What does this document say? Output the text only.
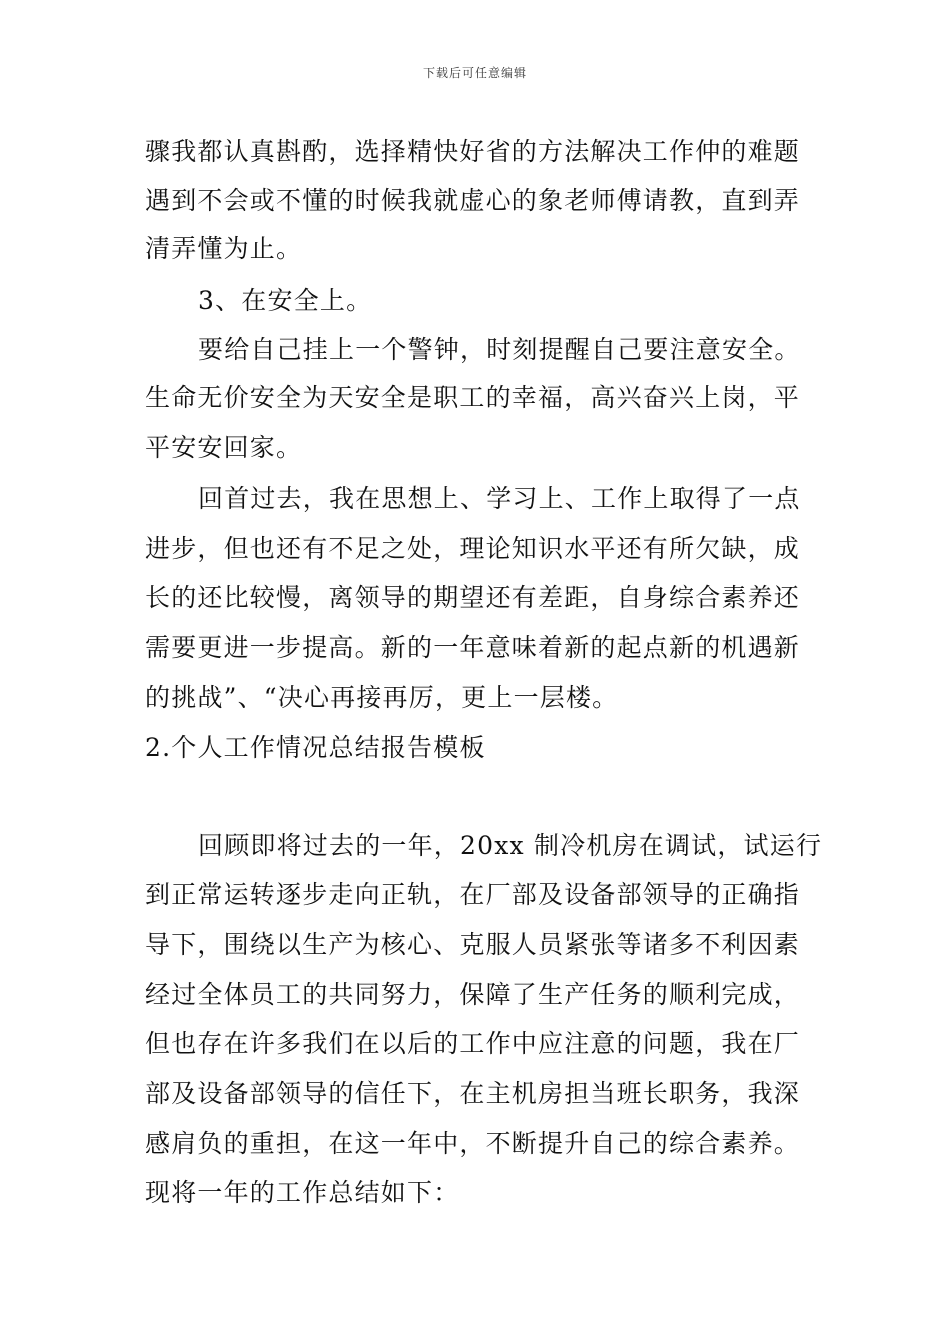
下载后可任意编辑
骤我都认真斟酌，选择精快好省的方法解决工作仲的难题
遇到不会或不懂的时候我就虚心的象老师傅请教，直到弄
清弄懂为止。
3、在安全上。
要给自己挂上一个警钟，时刻提醒自己要注意安全。
生命无价安全为天安全是职工的幸福，高兴奋兴上岗，平
平安安回家。
回首过去，我在思想上、学习上、工作上取得了一点
进步，但也还有不足之处，理论知识水平还有所欠缺，成
长的还比较慢，离领导的期望还有差距，自身综合素养还
需要更进一步提高。新的一年意味着新的起点新的机遇新
的挑战”、“决心再接再厉，更上一层楼。
2.个人工作情况总结报告模板
回顾即将过去的一年，20xx 制冷机房在调试，试运行
到正常运转逐步走向正轨，在厂部及设备部领导的正确指
导下，围绕以生产为核心、克服人员紧张等诸多不利因素
经过全体员工的共同努力，保障了生产任务的顺利完成，
但也存在许多我们在以后的工作中应注意的问题，我在厂
部及设备部领导的信任下，在主机房担当班长职务，我深
感肩负的重担，在这一年中，不断提升自己的综合素养。
现将一年的工作总结如下：
